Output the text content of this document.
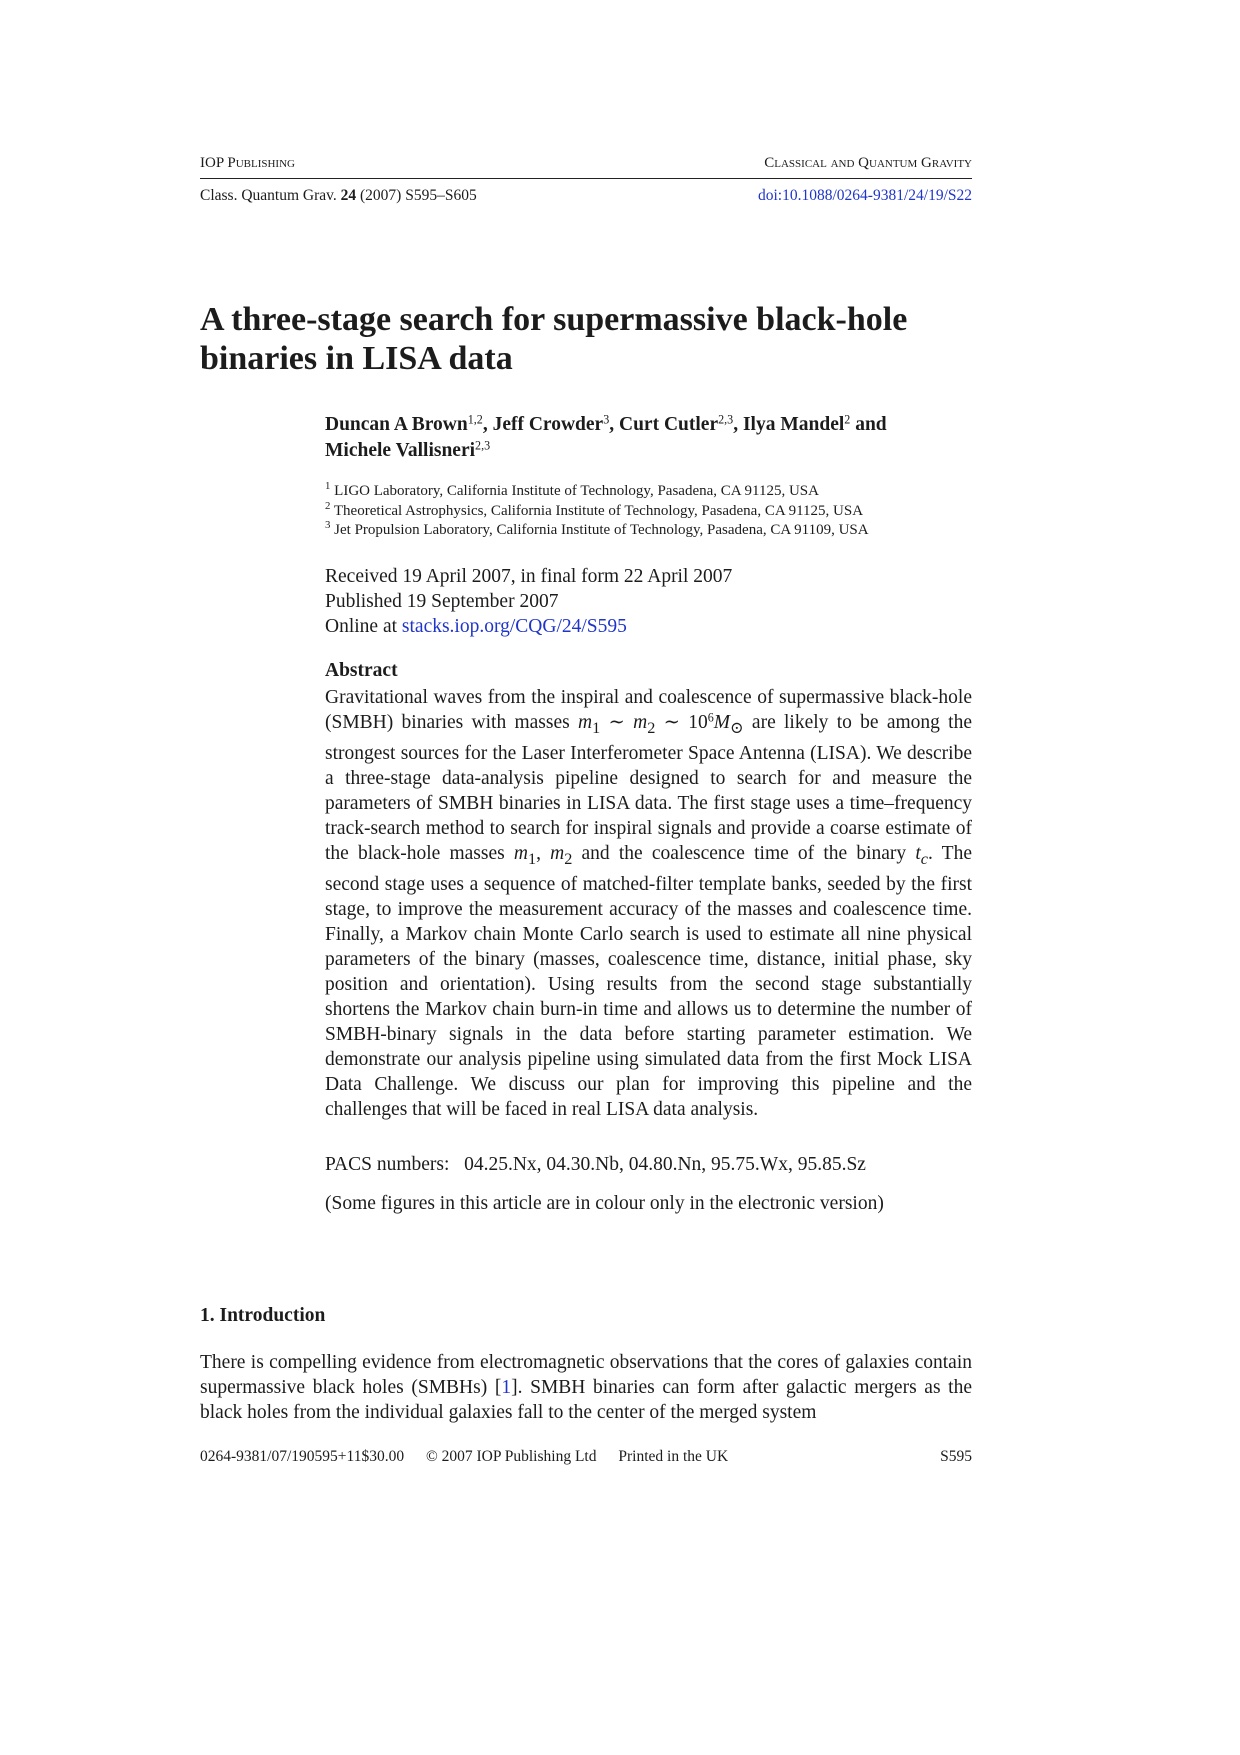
IOP Publishing	Classical and Quantum Gravity
Class. Quantum Grav. 24 (2007) S595–S605	doi:10.1088/0264-9381/24/19/S22
A three-stage search for supermassive black-hole binaries in LISA data
Duncan A Brown$^{1,2}$, Jeff Crowder$^3$, Curt Cutler$^{2,3}$, Ilya Mandel$^2$ and
Michele Vallisneri$^{2,3}$
$^1$ LIGO Laboratory, California Institute of Technology, Pasadena, CA 91125, USA
$^2$ Theoretical Astrophysics, California Institute of Technology, Pasadena, CA 91125, USA
$^3$ Jet Propulsion Laboratory, California Institute of Technology, Pasadena, CA 91109, USA
Received 19 April 2007, in final form 22 April 2007
Published 19 September 2007
Online at stacks.iop.org/CQG/24/S595
Abstract
Gravitational waves from the inspiral and coalescence of supermassive black-hole (SMBH) binaries with masses $m_1$ ∼ $m_2$ ∼ $10^6M_⊙$ are likely to be among the strongest sources for the Laser Interferometer Space Antenna (LISA). We describe a three-stage data-analysis pipeline designed to search for and measure the parameters of SMBH binaries in LISA data. The first stage uses a time–frequency track-search method to search for inspiral signals and provide a coarse estimate of the black-hole masses $m_1$, $m_2$ and the coalescence time of the binary $t_c$. The second stage uses a sequence of matched-filter template banks, seeded by the first stage, to improve the measurement accuracy of the masses and coalescence time. Finally, a Markov chain Monte Carlo search is used to estimate all nine physical parameters of the binary (masses, coalescence time, distance, initial phase, sky position and orientation). Using results from the second stage substantially shortens the Markov chain burn-in time and allows us to determine the number of SMBH-binary signals in the data before starting parameter estimation. We demonstrate our analysis pipeline using simulated data from the first Mock LISA Data Challenge. We discuss our plan for improving this pipeline and the challenges that will be faced in real LISA data analysis.
PACS numbers: 04.25.Nx, 04.30.Nb, 04.80.Nn, 95.75.Wx, 95.85.Sz
(Some figures in this article are in colour only in the electronic version)
1. Introduction
There is compelling evidence from electromagnetic observations that the cores of galaxies contain supermassive black holes (SMBHs) [1]. SMBH binaries can form after galactic mergers as the black holes from the individual galaxies fall to the center of the merged system
0264-9381/07/190595+11$30.00 © 2007 IOP Publishing Ltd Printed in the UK	S595
